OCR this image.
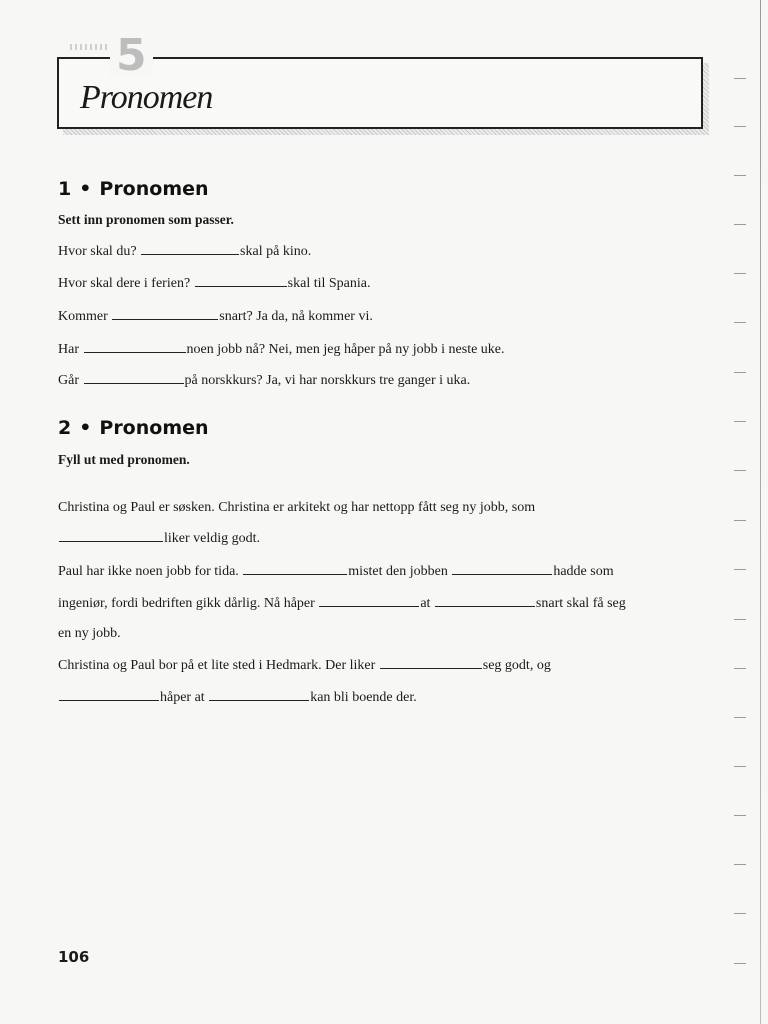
5
Pronomen
1 • Pronomen

Sett inn pronomen som passer.

Hvor skal du?	skal på kino.

Hvor skal dere i ferien?	skal til Spania.

Kommer	snart? Ja da, nå kommer vi.

Har	noen jobb nå? Nei, men jeg håper på ny jobb i neste uke.

Går	på norskkurs? Ja, vi har norskkurs tre ganger i uka.

2 • Pronomen

Fyll ut med pronomen.

Christina og Paul er søsken. Christina er arkitekt og har nettopp fått seg ny jobb, som

liker veldig godt.

Paul har ikke noen jobb for tida.	mistet den jobben	hadde som

ingeniør, fordi bedriften gikk dårlig. Nå håper	at	snart skal få seg

en ny jobb.

Christina og Paul bor på et lite sted i Hedmark. Der liker	seg godt, og

håper at	kan bli boende der.

106
